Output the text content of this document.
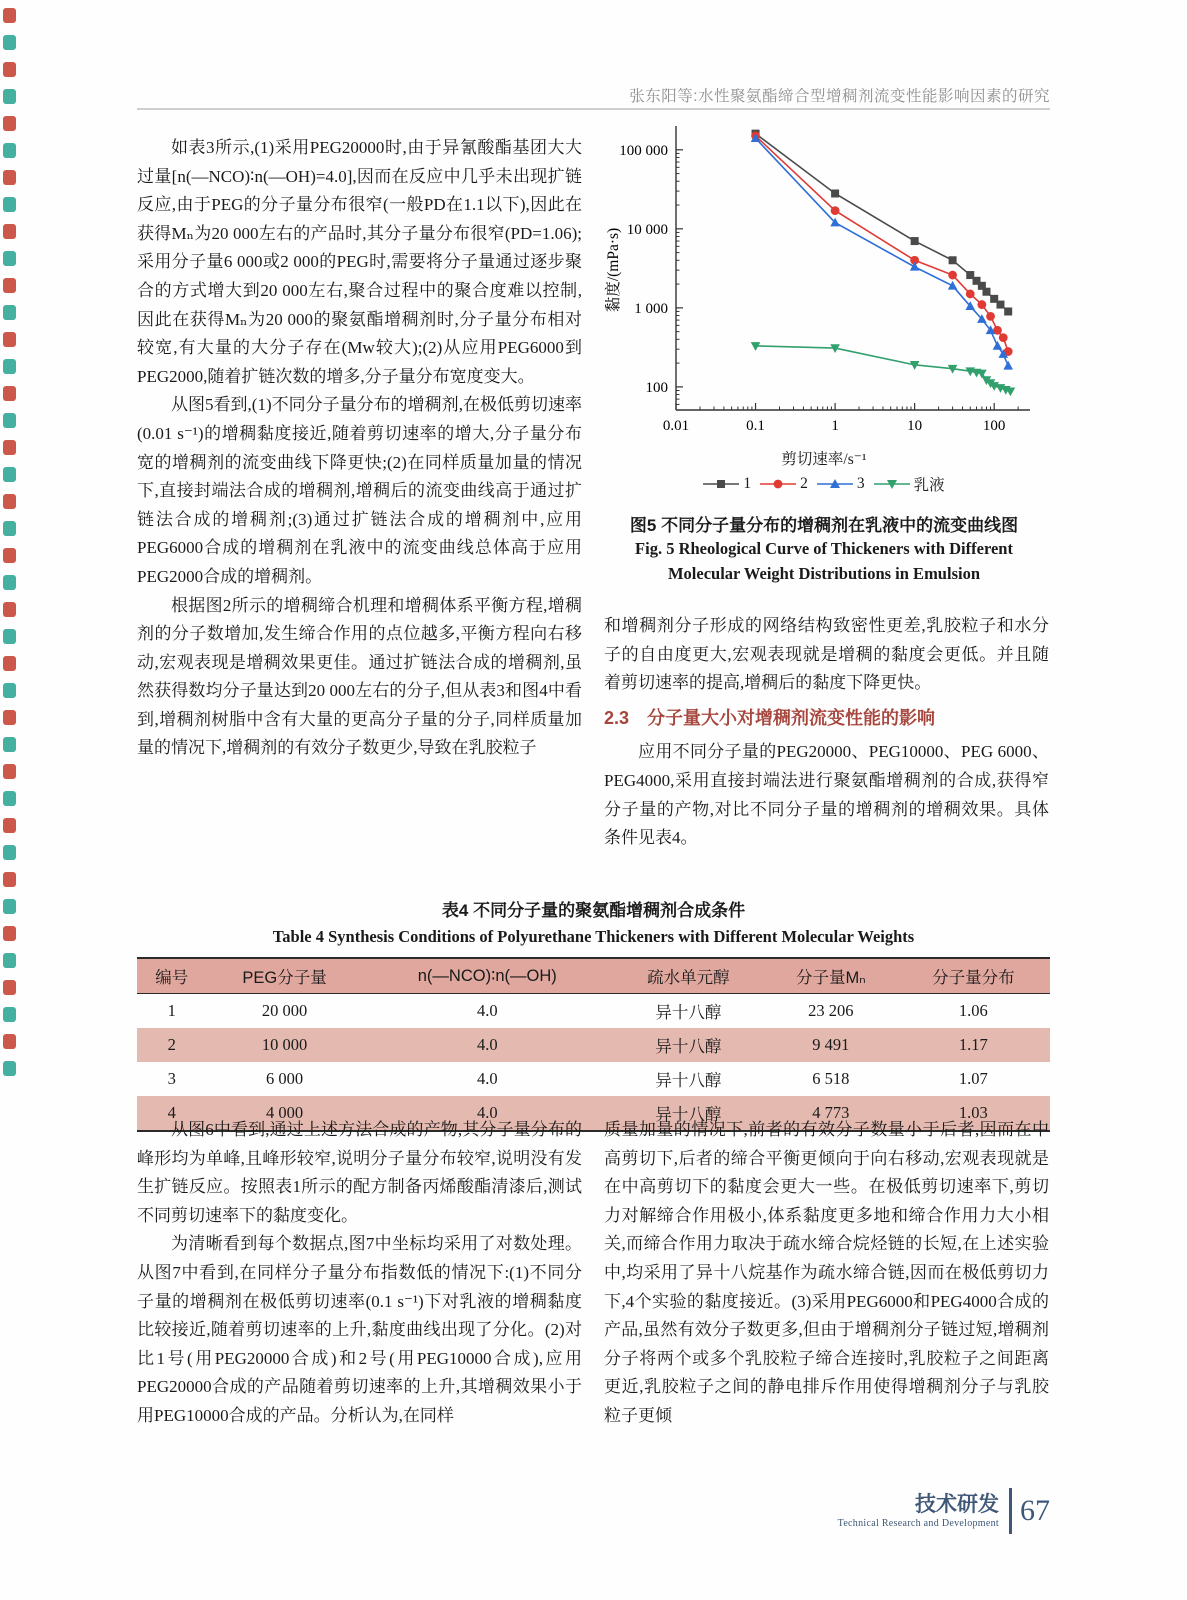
张东阳等:水性聚氨酯缔合型增稠剂流变性能影响因素的研究

如表3所示,(1)采用PEG20000时,由于异氰酸酯基团大大过量[n(—NCO)∶n(—OH)=4.0],因而在反应中几乎未出现扩链反应,由于PEG的分子量分布很窄(一般PD在1.1以下),因此在获得Mₙ为20 000左右的产品时,其分子量分布很窄(PD=1.06);采用分子量6 000或2 000的PEG时,需要将分子量通过逐步聚合的方式增大到20 000左右,聚合过程中的聚合度难以控制,因此在获得Mₙ为20 000的聚氨酯增稠剂时,分子量分布相对较宽,有大量的大分子存在(Mw较大);(2)从应用PEG6000到PEG2000,随着扩链次数的增多,分子量分布宽度变大。

从图5看到,(1)不同分子量分布的增稠剂,在极低剪切速率(0.01 s⁻¹)的增稠黏度接近,随着剪切速率的增大,分子量分布宽的增稠剂的流变曲线下降更快;(2)在同样质量加量的情况下,直接封端法合成的增稠剂,增稠后的流变曲线高于通过扩链法合成的增稠剂;(3)通过扩链法合成的增稠剂中,应用PEG6000合成的增稠剂在乳液中的流变曲线总体高于应用PEG2000合成的增稠剂。

根据图2所示的增稠缔合机理和增稠体系平衡方程,增稠剂的分子数增加,发生缔合作用的点位越多,平衡方程向右移动,宏观表现是增稠效果更佳。通过扩链法合成的增稠剂,虽然获得数均分子量达到20 000左右的分子,但从表3和图4中看到,增稠剂树脂中含有大量的更高分子量的分子,同样质量加量的情况下,增稠剂的有效分子数更少,导致在乳胶粒子

0.01	0.1	1	10	100
100
1 000
10 000
100 000
黏度/(mPa·s)
剪切速率/s⁻¹
1	2	3	乳液
图5 不同分子量分布的增稠剂在乳液中的流变曲线图
Fig. 5 Rheological Curve of Thickeners with Different
Molecular Weight Distributions in Emulsion

和增稠剂分子形成的网络结构致密性更差,乳胶粒子和水分子的自由度更大,宏观表现就是增稠的黏度会更低。并且随着剪切速率的提高,增稠后的黏度下降更快。

2.3 分子量大小对增稠剂流变性能的影响

应用不同分子量的PEG20000、PEG10000、PEG 6000、PEG4000,采用直接封端法进行聚氨酯增稠剂的合成,获得窄分子量的产物,对比不同分子量的增稠剂的增稠效果。具体条件见表4。

表4 不同分子量的聚氨酯增稠剂合成条件
Table 4 Synthesis Conditions of Polyurethane Thickeners with Different Molecular Weights
编号	PEG分子量	n(—NCO)∶n(—OH)	疏水单元醇	分子量Mₙ	分子量分布
1	20 000	4.0	异十八醇	23 206	1.06
2	10 000	4.0	异十八醇	9 491	1.17
3	6 000	4.0	异十八醇	6 518	1.07
4	4 000	4.0	异十八醇	4 773	1.03

从图6中看到,通过上述方法合成的产物,其分子量分布的峰形均为单峰,且峰形较窄,说明分子量分布较窄,说明没有发生扩链反应。按照表1所示的配方制备丙烯酸酯清漆后,测试不同剪切速率下的黏度变化。

为清晰看到每个数据点,图7中坐标均采用了对数处理。从图7中看到,在同样分子量分布指数低的情况下:(1)不同分子量的增稠剂在极低剪切速率(0.1 s⁻¹)下对乳液的增稠黏度比较接近,随着剪切速率的上升,黏度曲线出现了分化。(2)对比1号(用PEG20000合成)和2号(用PEG10000合成),应用PEG20000合成的产品随着剪切速率的上升,其增稠效果小于用PEG10000合成的产品。分析认为,在同样

质量加量的情况下,前者的有效分子数量小于后者,因而在中高剪切下,后者的缔合平衡更倾向于向右移动,宏观表现就是在中高剪切下的黏度会更大一些。在极低剪切速率下,剪切力对解缔合作用极小,体系黏度更多地和缔合作用力大小相关,而缔合作用力取决于疏水缔合烷烃链的长短,在上述实验中,均采用了异十八烷基作为疏水缔合链,因而在极低剪切力下,4个实验的黏度接近。(3)采用PEG6000和PEG4000合成的产品,虽然有效分子数更多,但由于增稠剂分子链过短,增稠剂分子将两个或多个乳胶粒子缔合连接时,乳胶粒子之间距离更近,乳胶粒子之间的静电排斥作用使得增稠剂分子与乳胶粒子更倾

技术研发
Technical Research and Development 67
